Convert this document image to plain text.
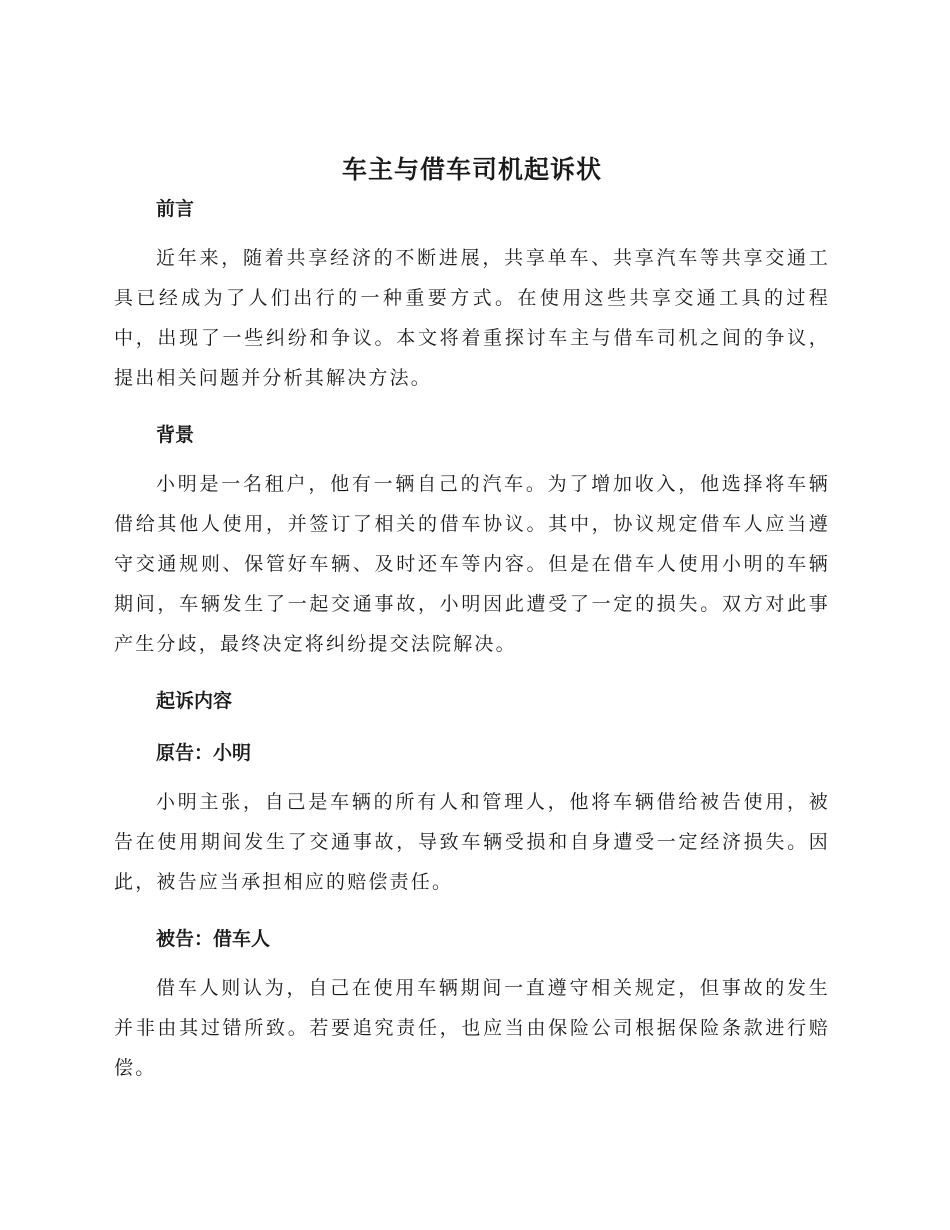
车主与借车司机起诉状
前言

近年来，随着共享经济的不断进展，共享单车、共享汽车等共享交通工具已经成为了人们出行的一种重要方式。在使用这些共享交通工具的过程中，出现了一些纠纷和争议。本文将着重探讨车主与借车司机之间的争议，提出相关问题并分析其解决方法。

背景

小明是一名租户，他有一辆自己的汽车。为了增加收入，他选择将车辆借给其他人使用，并签订了相关的借车协议。其中，协议规定借车人应当遵守交通规则、保管好车辆、及时还车等内容。但是在借车人使用小明的车辆期间，车辆发生了一起交通事故，小明因此遭受了一定的损失。双方对此事产生分歧，最终决定将纠纷提交法院解决。

起诉内容
原告：小明

小明主张，自己是车辆的所有人和管理人，他将车辆借给被告使用，被告在使用期间发生了交通事故，导致车辆受损和自身遭受一定经济损失。因此，被告应当承担相应的赔偿责任。

被告：借车人

借车人则认为，自己在使用车辆期间一直遵守相关规定，但事故的发生并非由其过错所致。若要追究责任，也应当由保险公司根据保险条款进行赔偿。
